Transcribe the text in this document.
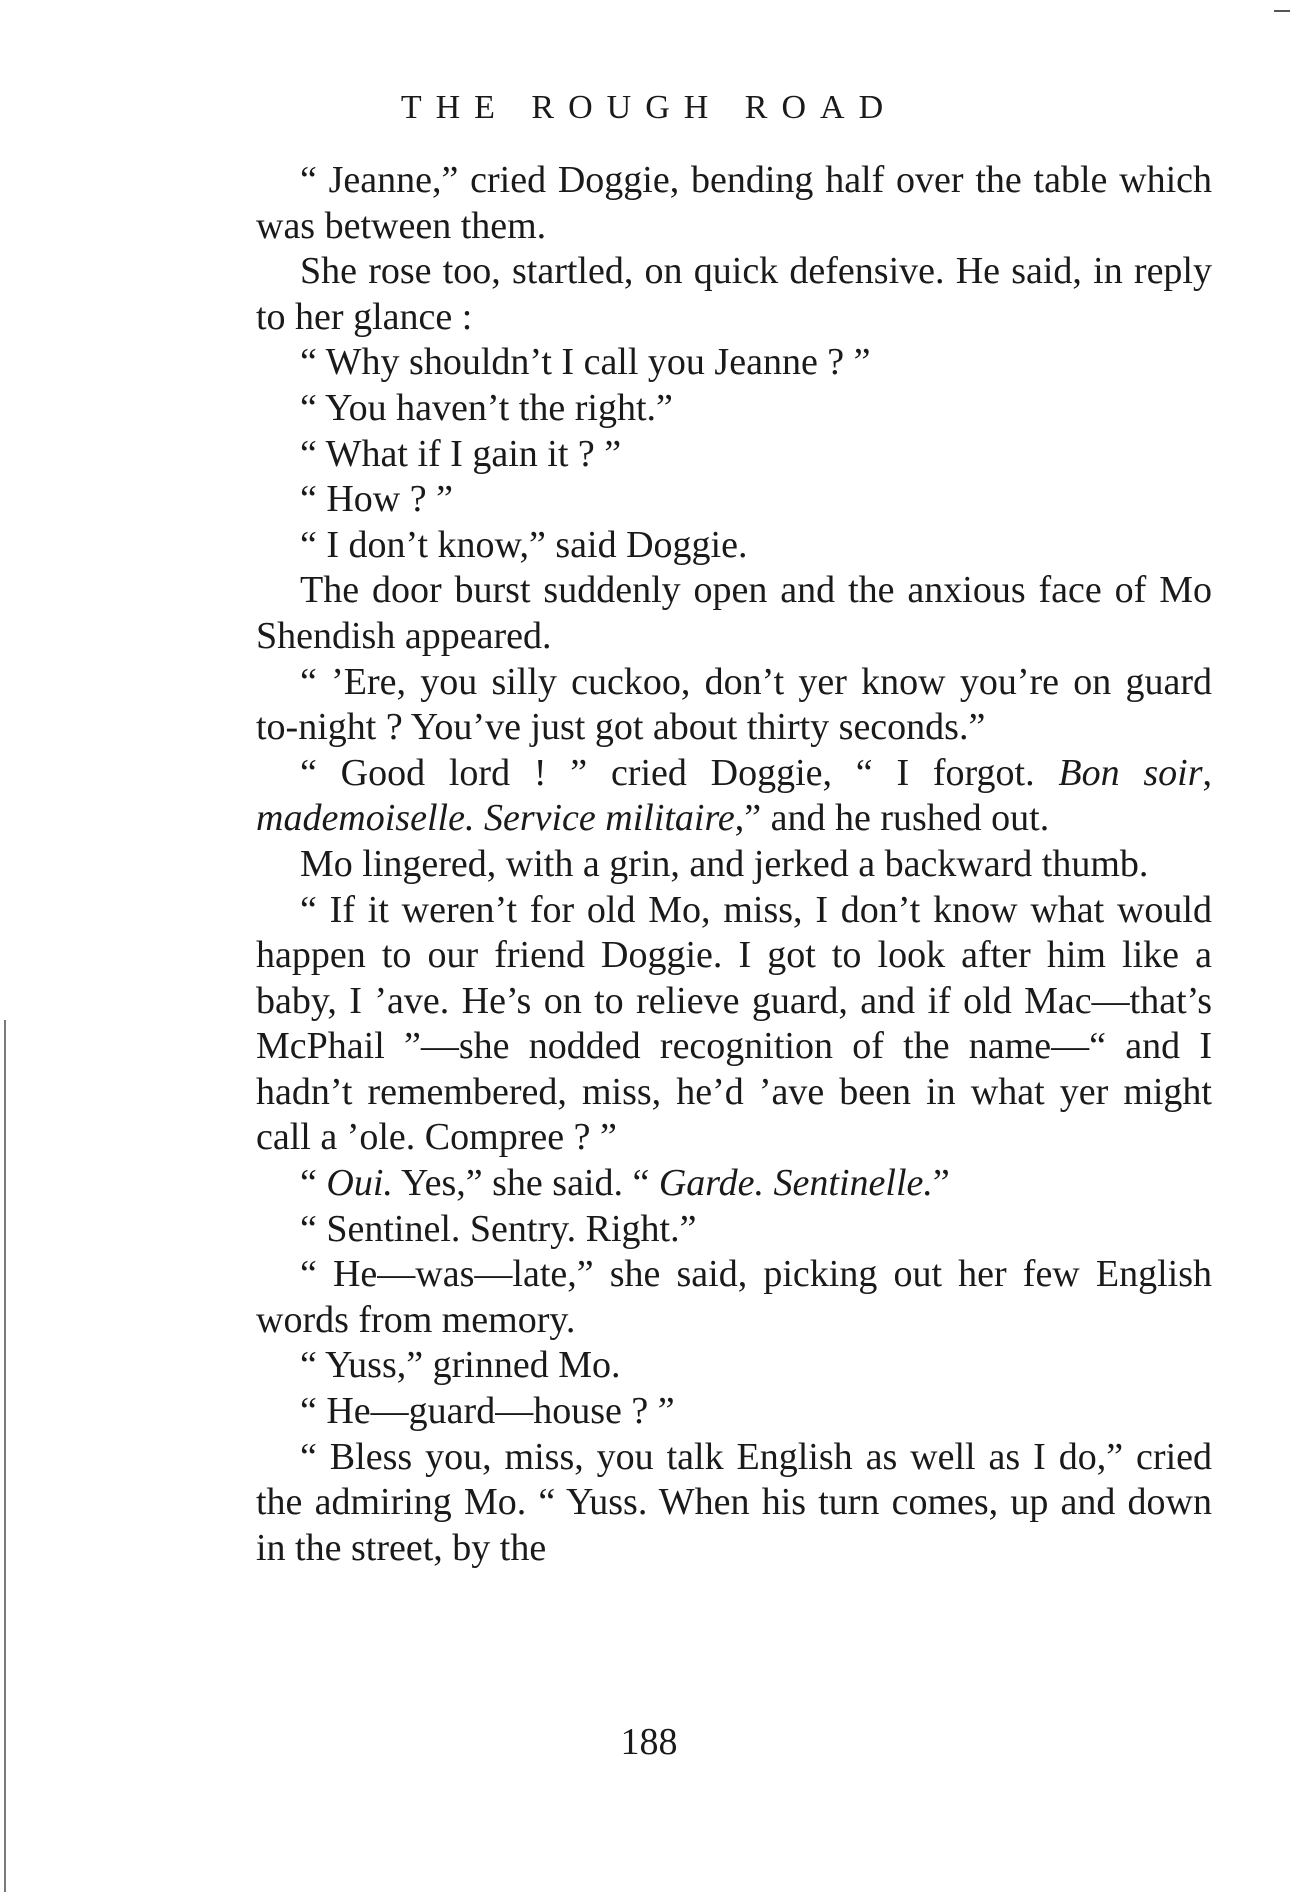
THE ROUGH ROAD

“ Jeanne,” cried Doggie, bending half over the table which was between them.

She rose too, startled, on quick defensive. He said, in reply to her glance :

“ Why shouldn’t I call you Jeanne ? ”

“ You haven’t the right.”

“ What if I gain it ? ”

“ How ? ”

“ I don’t know,” said Doggie.

The door burst suddenly open and the anxious face of Mo Shendish appeared.

“ ’Ere, you silly cuckoo, don’t yer know you’re on guard to-night ? You’ve just got about thirty seconds.”

“ Good lord ! ” cried Doggie, “ I forgot. Bon soir, mademoiselle. Service militaire,” and he rushed out.

Mo lingered, with a grin, and jerked a backward thumb.

“ If it weren’t for old Mo, miss, I don’t know what would happen to our friend Doggie. I got to look after him like a baby, I ’ave. He’s on to relieve guard, and if old Mac—that’s McPhail ”—she nodded recognition of the name—“ and I hadn’t remembered, miss, he’d ’ave been in what yer might call a ’ole. Compree ? ”

“ Oui. Yes,” she said. “ Garde. Sentinelle.”

“ Sentinel. Sentry. Right.”

“ He—was—late,” she said, picking out her few English words from memory.

“ Yuss,” grinned Mo.

“ He—guard—house ? ”

“ Bless you, miss, you talk English as well as I do,” cried the admiring Mo. “ Yuss. When his turn comes, up and down in the street, by the

188
